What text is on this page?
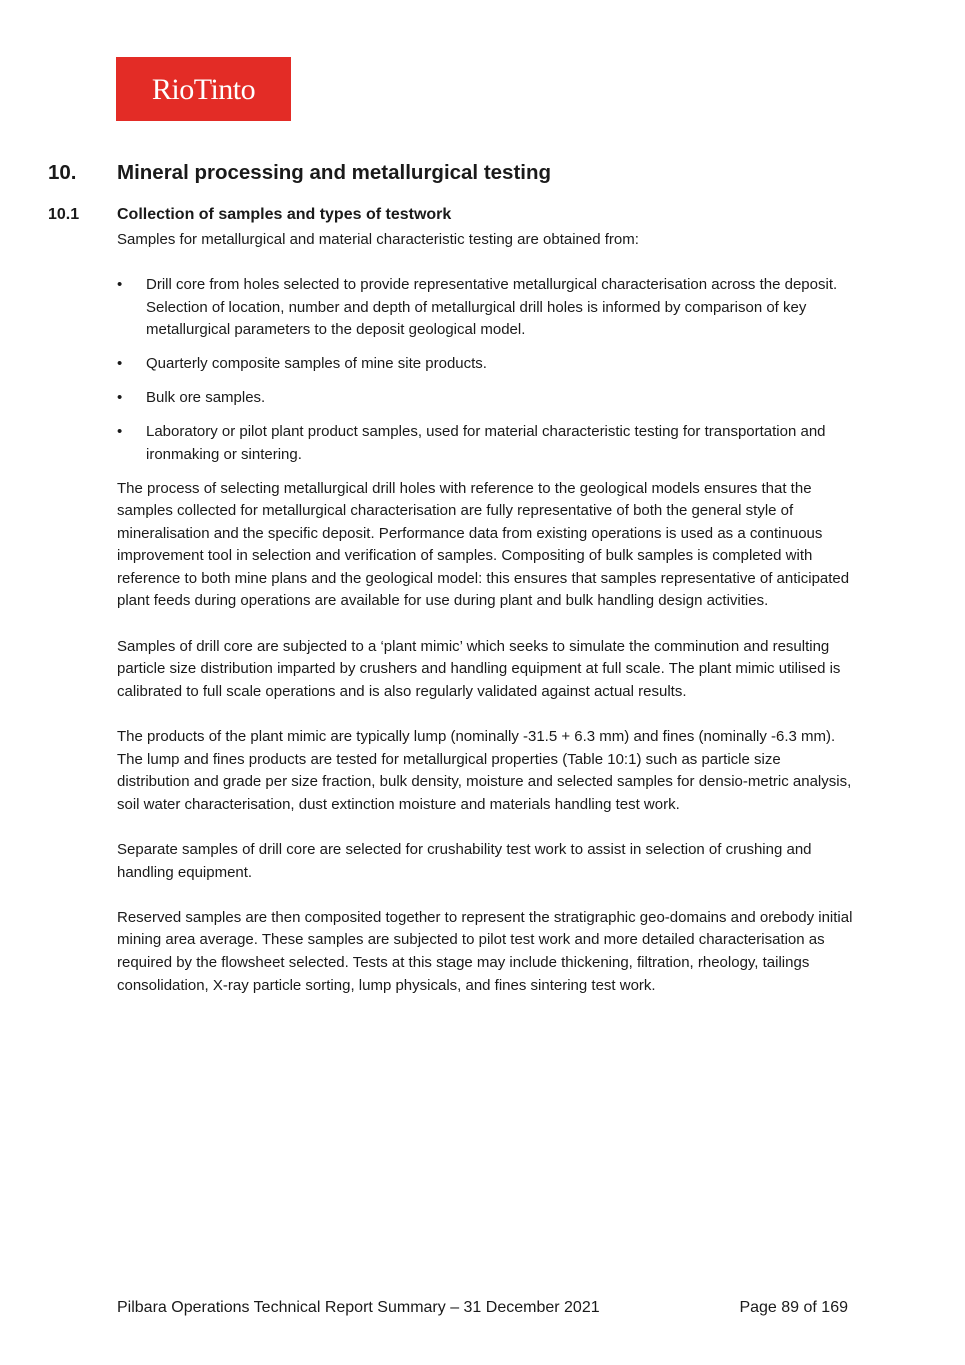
RioTinto
10. Mineral processing and metallurgical testing
10.1 Collection of samples and types of testwork

Samples for metallurgical and material characteristic testing are obtained from:

•	Drill core from holes selected to provide representative metallurgical characterisation across the deposit. Selection of location, number and depth of metallurgical drill holes is informed by comparison of key metallurgical parameters to the deposit geological model.
•	Quarterly composite samples of mine site products.
•	Bulk ore samples.
•	Laboratory or pilot plant product samples, used for material characteristic testing for transportation and ironmaking or sintering.

The process of selecting metallurgical drill holes with reference to the geological models ensures that the samples collected for metallurgical characterisation are fully representative of both the general style of mineralisation and the specific deposit. Performance data from existing operations is used as a continuous improvement tool in selection and verification of samples. Compositing of bulk samples is completed with reference to both mine plans and the geological model: this ensures that samples representative of anticipated plant feeds during operations are available for use during plant and bulk handling design activities.

Samples of drill core are subjected to a ‘plant mimic’ which seeks to simulate the comminution and resulting particle size distribution imparted by crushers and handling equipment at full scale. The plant mimic utilised is calibrated to full scale operations and is also regularly validated against actual results.

The products of the plant mimic are typically lump (nominally -31.5 + 6.3 mm) and fines (nominally -6.3 mm). The lump and fines products are tested for metallurgical properties (Table 10:1) such as particle size distribution and grade per size fraction, bulk density, moisture and selected samples for densio-metric analysis, soil water characterisation, dust extinction moisture and materials handling test work.

Separate samples of drill core are selected for crushability test work to assist in selection of crushing and handling equipment.

Reserved samples are then composited together to represent the stratigraphic geo-domains and orebody initial mining area average. These samples are subjected to pilot test work and more detailed characterisation as required by the flowsheet selected. Tests at this stage may include thickening, filtration, rheology, tailings consolidation, X-ray particle sorting, lump physicals, and fines sintering test work.

Pilbara Operations Technical Report Summary – 31 December 2021	Page 89 of 169
